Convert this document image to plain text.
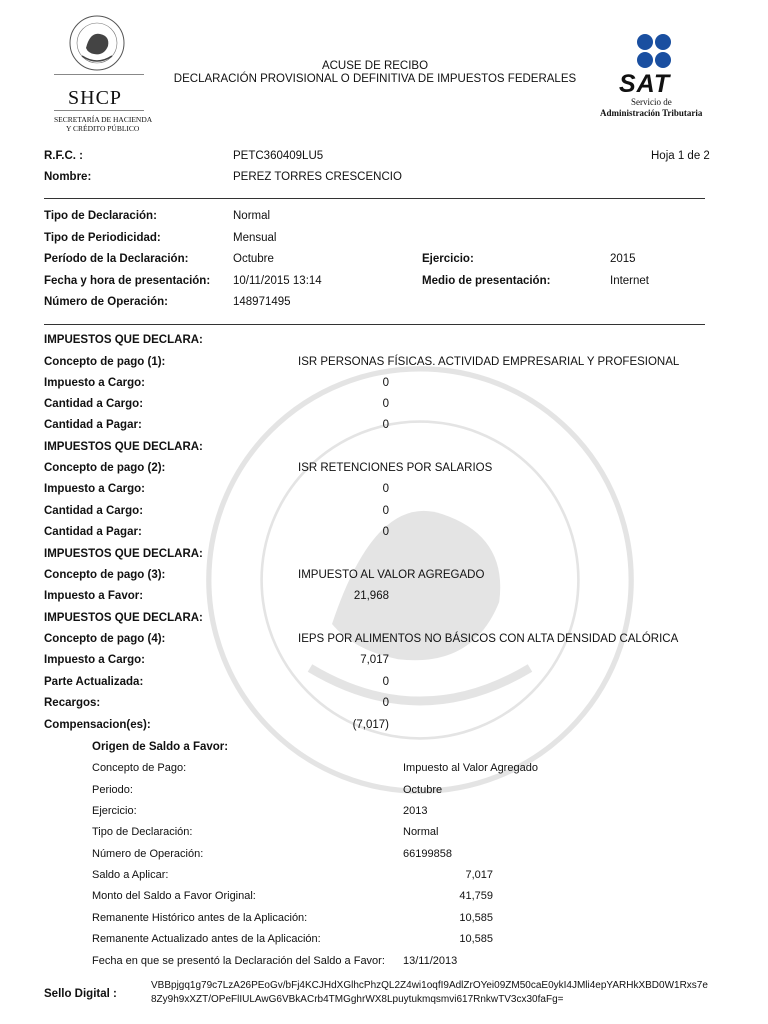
SHCP
SECRETARÍA DE HACIENDA
Y CRÉDITO PÚBLICO
ACUSE DE RECIBO
DECLARACIÓN PROVISIONAL O DEFINITIVA DE IMPUESTOS FEDERALES	SAT
Servicio de
Administración Tributaria
R.F.C. :	PETC360409LU5	Hoja 1 de 2
Nombre:	PEREZ TORRES CRESCENCIO
Tipo de Declaración:	Normal
Tipo de Periodicidad:	Mensual
Período de la Declaración:	Octubre	Ejercicio:	2015
Fecha y hora de presentación: 10/11/2015 13:14	Medio de presentación:	Internet
Número de Operación:	148971495
IMPUESTOS QUE DECLARA:
Concepto de pago (1):	ISR PERSONAS FÍSICAS. ACTIVIDAD EMPRESARIAL Y PROFESIONAL
Impuesto a Cargo:	0
Cantidad a Cargo:	0
Cantidad a Pagar:	0
IMPUESTOS QUE DECLARA:
Concepto de pago (2):	ISR RETENCIONES POR SALARIOS
Impuesto a Cargo:	0
Cantidad a Cargo:	0
Cantidad a Pagar:	0
IMPUESTOS QUE DECLARA:
Concepto de pago (3):	IMPUESTO AL VALOR AGREGADO
Impuesto a Favor:	21,968
IMPUESTOS QUE DECLARA:
Concepto de pago (4):	IEPS POR ALIMENTOS NO BÁSICOS CON ALTA DENSIDAD CALÓRICA
Impuesto a Cargo:	7,017
Parte Actualizada:	0
Recargos:	0
Compensacion(es):	(7,017)
Origen de Saldo a Favor:
Concepto de Pago:	Impuesto al Valor Agregado
Periodo:	Octubre
Ejercicio:	2013
Tipo de Declaración:	Normal
Número de Operación:	66199858
Saldo a Aplicar:	7,017
Monto del Saldo a Favor Original:	41,759
Remanente Histórico antes de la Aplicación:	10,585
Remanente Actualizado antes de la Aplicación:	10,585
Fecha en que se presentó la Declaración del Saldo a Favor: 13/11/2013
Sello Digital :
VBBpjgq1g79c7LzA26PEoGv/bFj4KCJHdXGlhcPhzQL2Z4wi1oqfI9AdlZrOYei09ZM50caE0ykI4JMli4epYARHkXBD0W1Rxs7e
8Zy9h9xXZT/OPeFlIULAwG6VBkACrb4TMGghrWX8Lpuytukmqsmvi617RnkwTV3cx30faFg=
